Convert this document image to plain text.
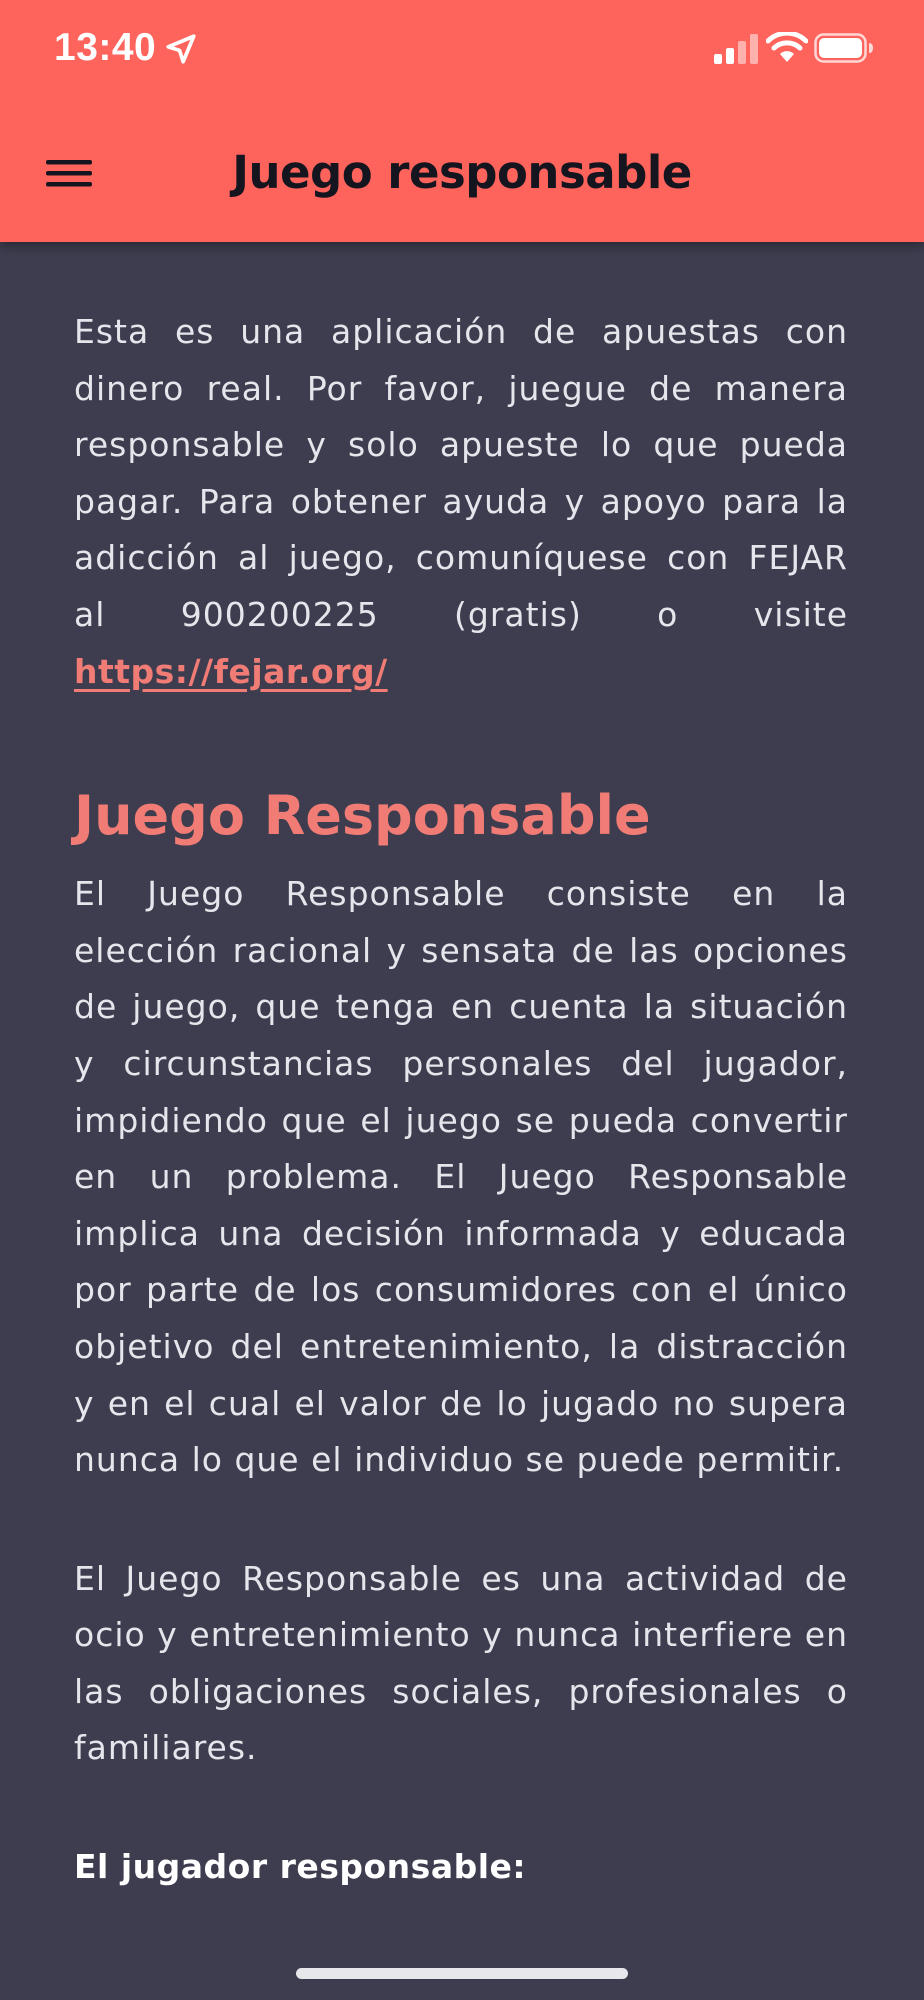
13:40
Juego responsable

Esta es una aplicación de apuestas con dinero real. Por favor, juegue de manera responsable y solo apueste lo que pueda pagar. Para obtener ayuda y apoyo para la adicción al juego, comuníquese con FEJAR al 900200225 (gratis) o visite https://fejar.org/

Juego Responsable

El Juego Responsable consiste en la elección racional y sensata de las opciones de juego, que tenga en cuenta la situación y circunstancias personales del jugador, impidiendo que el juego se pueda convertir en un problema. El Juego Responsable implica una decisión informada y educada por parte de los consumidores con el único objetivo del entretenimiento, la distracción y en el cual el valor de lo jugado no supera nunca lo que el individuo se puede permitir.

El Juego Responsable es una actividad de ocio y entretenimiento y nunca interfiere en las obligaciones sociales, profesionales o familiares.

El jugador responsable:
